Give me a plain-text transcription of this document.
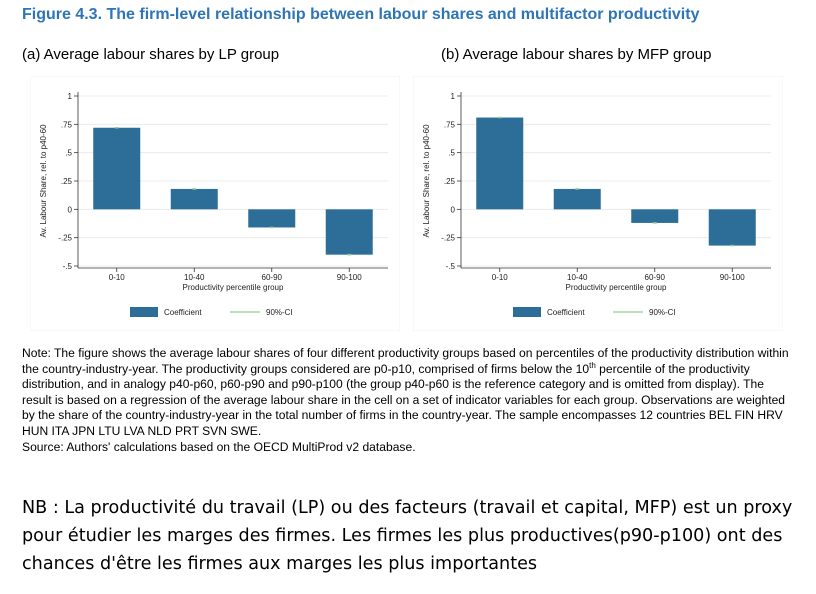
Figure 4.3. The firm-level relationship between labour shares and multifactor productivity
(a) Average labour shares by LP group	(b) Average labour shares by MFP group
-.5
-.25
0
.25
.5
.75
1
Av. Labour Share, rel. to p40-60
0-10	10-40	60-90	90-100
Productivity percentile group
Coefficient	90%-CI
-.5
-.25
0
.25
.5
.75
1
Av. Labour Share, rel. to p40-60
0-10	10-40	60-90	90-100
Productivity percentile group
Coefficient	90%-CI

Note: The figure shows the average labour shares of four different productivity groups based on percentiles of the productivity distribution within the country-industry-year. The productivity groups considered are p0-p10, comprised of firms below the 10th percentile of the productivity distribution, and in analogy p40-p60, p60-p90 and p90-p100 (the group p40-p60 is the reference category and is omitted from display). The result is based on a regression of the average labour share in the cell on a set of indicator variables for each group. Observations are weighted by the share of the country-industry-year in the total number of firms in the country-year. The sample encompasses 12 countries BEL FIN HRV HUN ITA JPN LTU LVA NLD PRT SVN SWE.

Source: Authors' calculations based on the OECD MultiProd v2 database.

NB : La productivité du travail (LP) ou des facteurs (travail et capital, MFP) est un proxy pour étudier les marges des firmes. Les firmes les plus productives(p90-p100) ont des chances d'être les firmes aux marges les plus importantes
